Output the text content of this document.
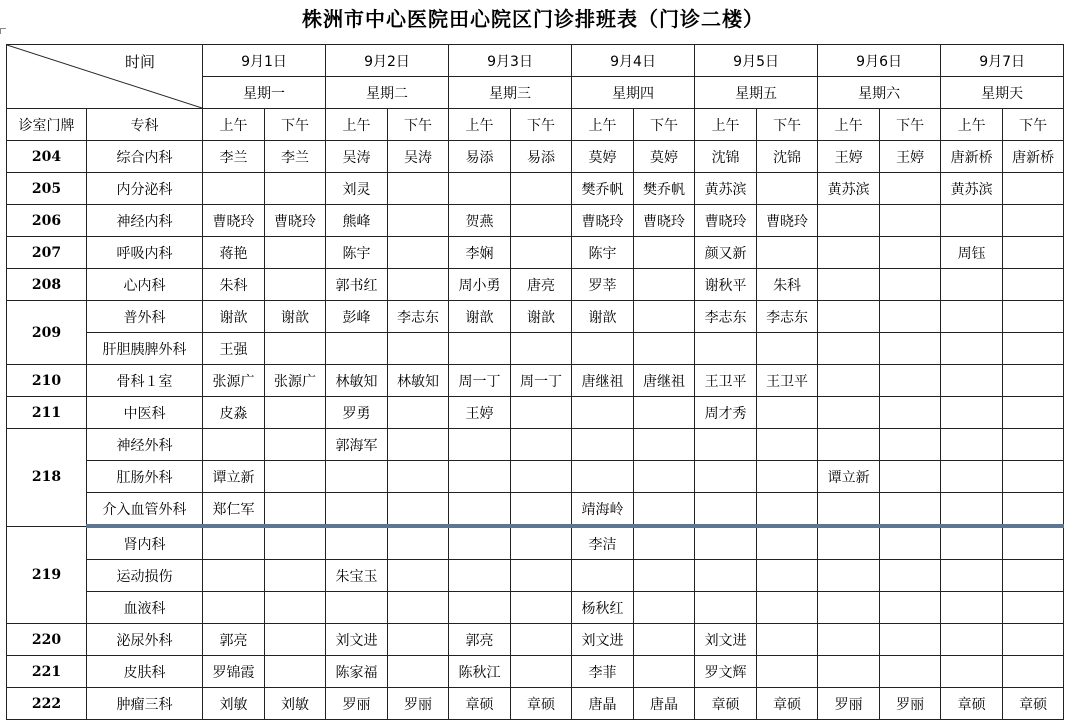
株洲市中心医院田心院区门诊排班表（门诊二楼）
时间		9月1日		9月2日		9月3日		9月4日		9月5日		9月6日		9月7日	
		星期一		星期二		星期三		星期四		星期五		星期六		星期天	
诊室门牌	专科	上午	下午	上午	下午	上午	下午	上午	下午	上午	下午	上午	下午	上午	下午
204	综合内科	李兰	李兰	吴涛	吴涛	易添	易添	莫婷	莫婷	沈锦	沈锦	王婷	王婷	唐新桥	唐新桥
205	内分泌科			刘灵				樊乔帆	樊乔帆	黄苏滨		黄苏滨		黄苏滨	
206	神经内科	曹晓玲	曹晓玲	熊峰		贺燕		曹晓玲	曹晓玲	曹晓玲	曹晓玲				
207	呼吸内科	蒋艳		陈宇		李娴		陈宇		颜又新				周钰	
208	心内科	朱科		郭书红		周小勇	唐亮	罗莘		谢秋平	朱科				
209	普外科	谢歆	谢歆	彭峰	李志东	谢歆	谢歆	谢歆		李志东	李志东				
	肝胆胰脾外科	王强													
210	骨科１室	张源广	张源广	林敏知	林敏知	周一丁	周一丁	唐继祖	唐继祖	王卫平	王卫平				
211	中医科	皮淼		罗勇		王婷				周才秀					
218	神经外科			郭海军											
	肛肠外科	谭立新										谭立新			
	介入血管外科	郑仁军						靖海岭							
219	肾内科							李洁							
	运动损伤			朱宝玉											
	血液科							杨秋红							
220	泌尿外科	郭亮		刘文进		郭亮		刘文进		刘文进					
221	皮肤科	罗锦霞		陈家福		陈秋江		李菲		罗文辉					
222	肿瘤三科	刘敏	刘敏	罗丽	罗丽	章硕	章硕	唐晶	唐晶	章硕	章硕	罗丽	罗丽	章硕	章硕
